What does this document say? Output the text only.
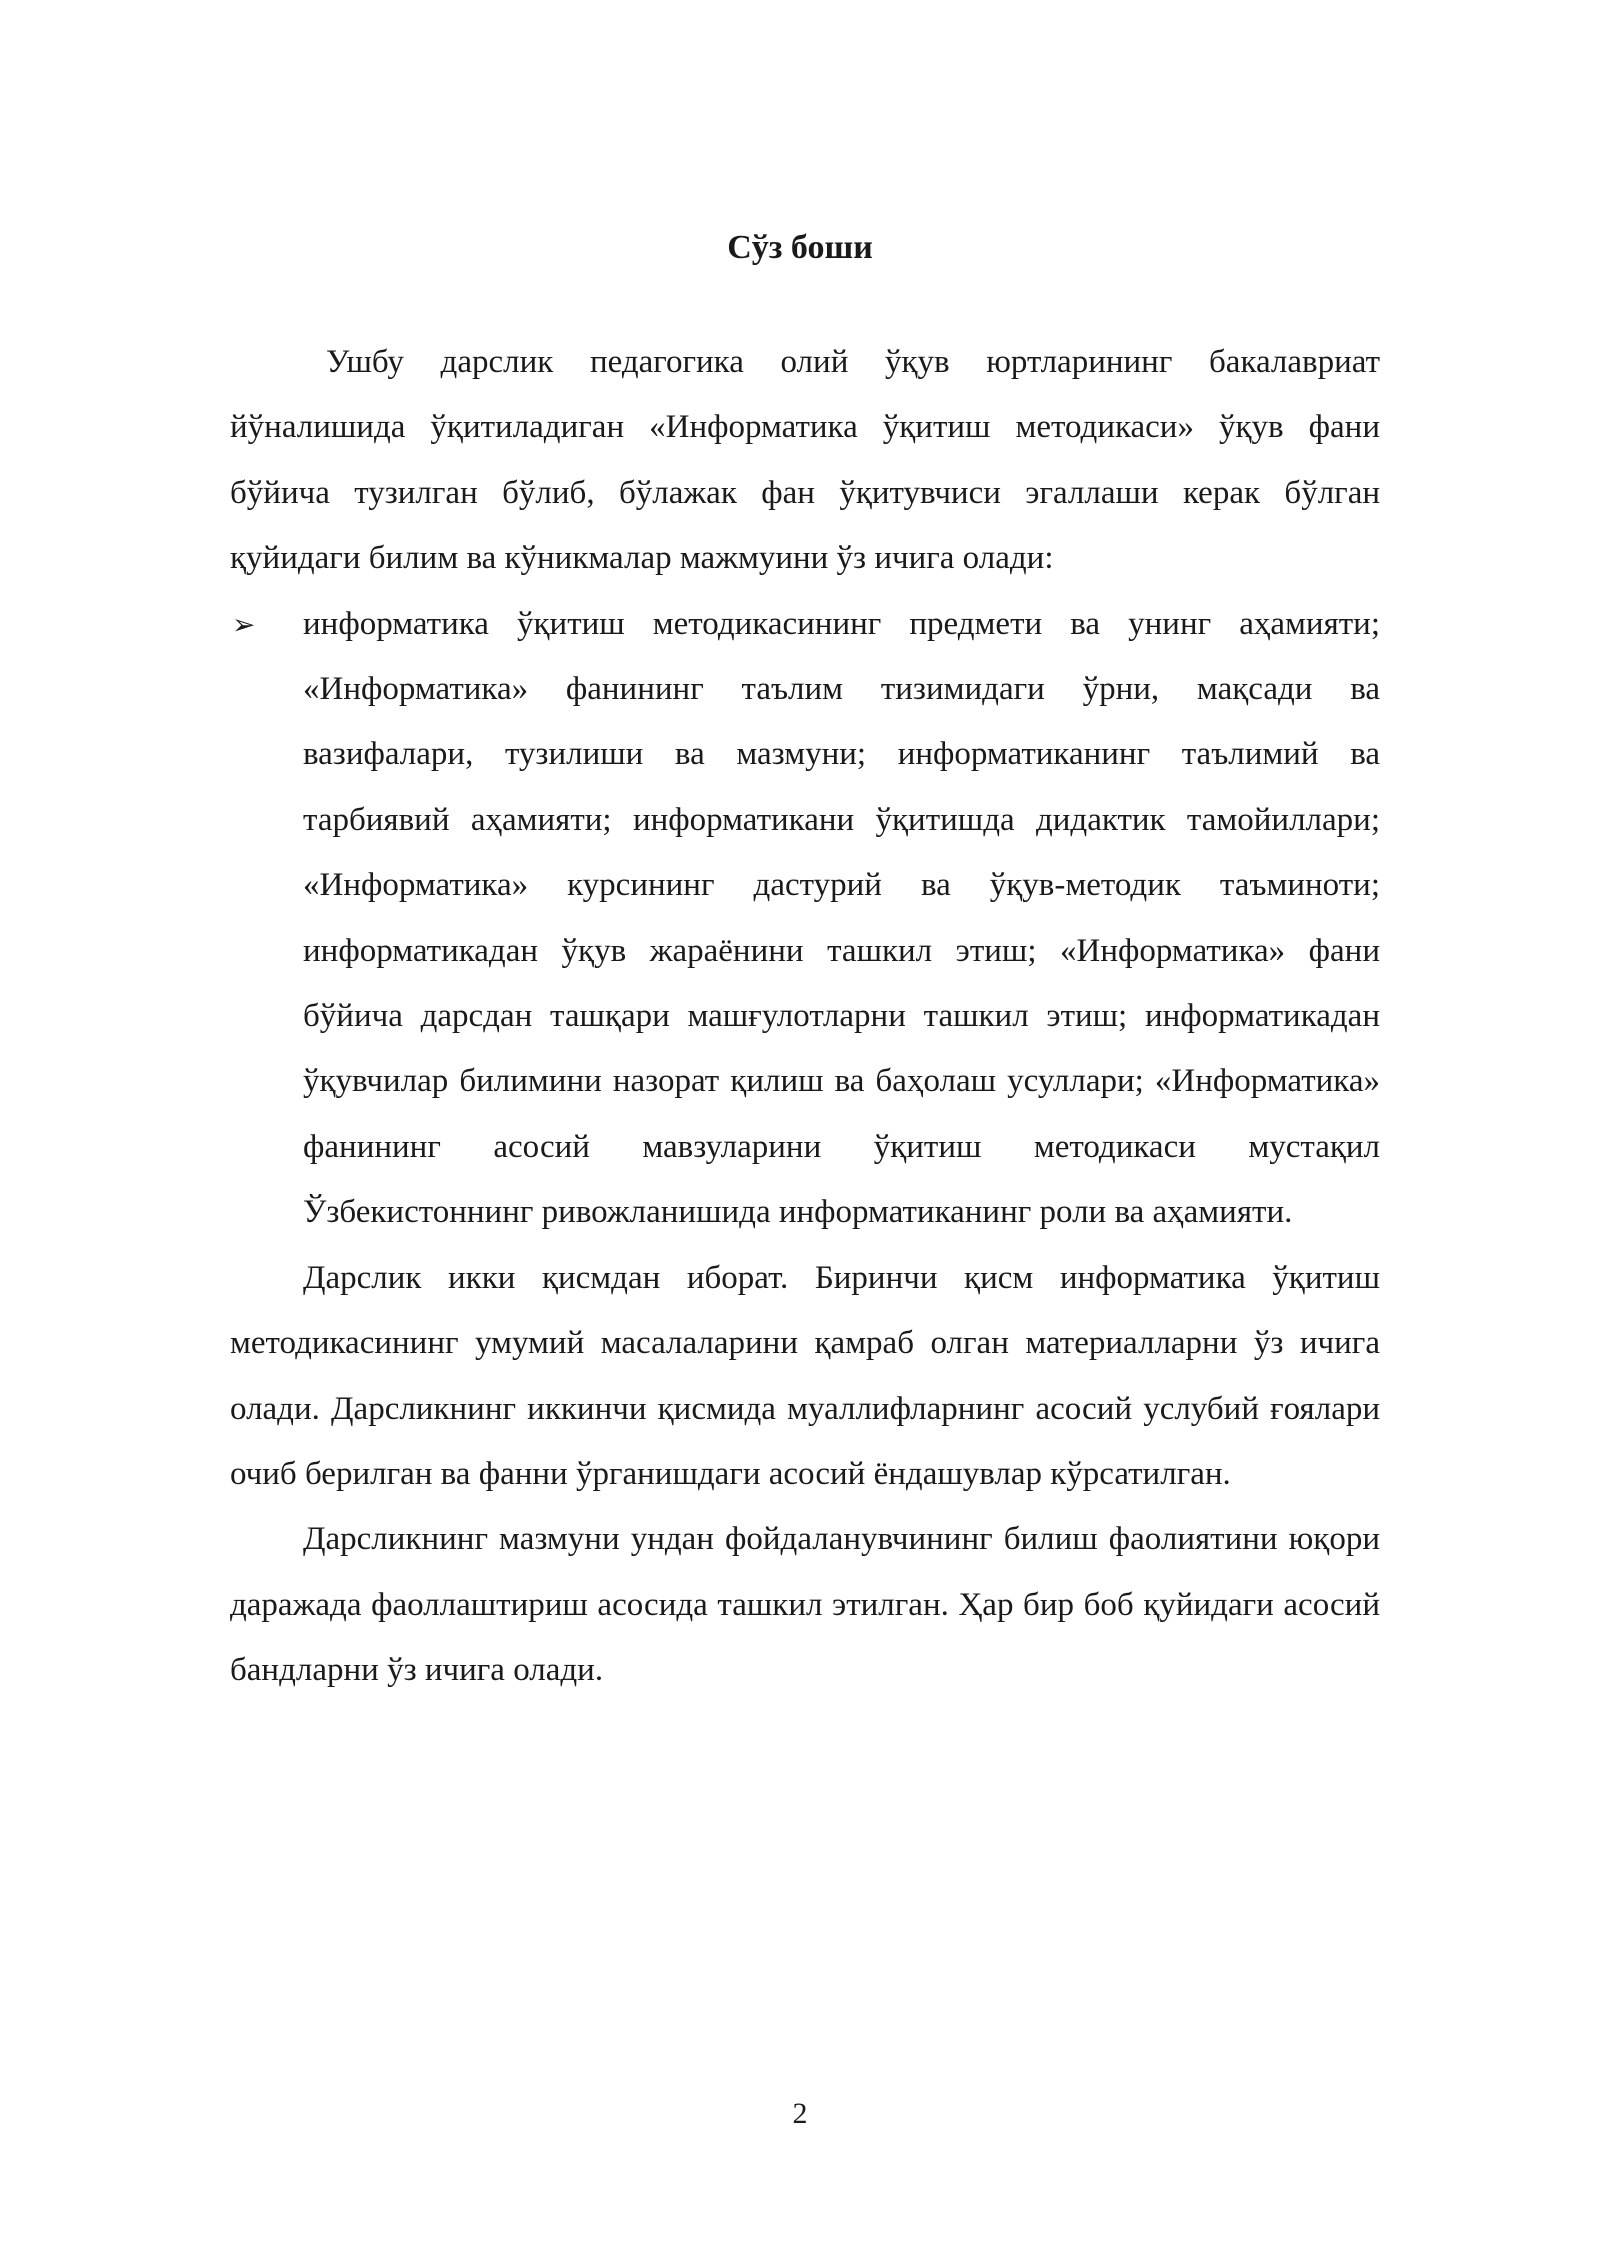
Сўз боши

Ушбу дарслик педагогика олий ўқув юртларининг бакалавриат йўналишида ўқитиладиган «Информатика ўқитиш методикаси» ўқув фани бўйича тузилган бўлиб, бўлажак фан ўқитувчиси эгаллаши керак бўлган қуйидаги билим ва кўникмалар мажмуини ўз ичига олади:

➢ информатика ўқитиш методикасининг предмети ва унинг аҳамияти; «Информатика» фанининг таълим тизимидаги ўрни, мақсади ва вазифалари, тузилиши ва мазмуни; информатиканинг таълимий ва тарбиявий аҳамияти; информатикани ўқитишда дидактик тамойиллари; «Информатика» курсининг дастурий ва ўқув-методик таъминоти; информатикадан ўқув жараёнини ташкил этиш; «Информатика» фани бўйича дарсдан ташқари машғулотларни ташкил этиш; информатикадан ўқувчилар билимини назорат қилиш ва баҳолаш усуллари; «Информатика» фанининг асосий мавзуларини ўқитиш методикаси мустақил Ўзбекистоннинг ривожланишида информатиканинг роли ва аҳамияти.

Дарслик икки қисмдан иборат. Биринчи қисм информатика ўқитиш методикасининг умумий масалаларини қамраб олган материалларни ўз ичига олади. Дарсликнинг иккинчи қисмида муаллифларнинг асосий услубий ғоялари очиб берилган ва фанни ўрганишдаги асосий ёндашувлар кўрсатилган.

Дарсликнинг мазмуни ундан фойдаланувчининг билиш фаолиятини юқори даражада фаоллаштириш асосида ташкил этилган. Ҳар бир боб қуйидаги асосий бандларни ўз ичига олади.

2
